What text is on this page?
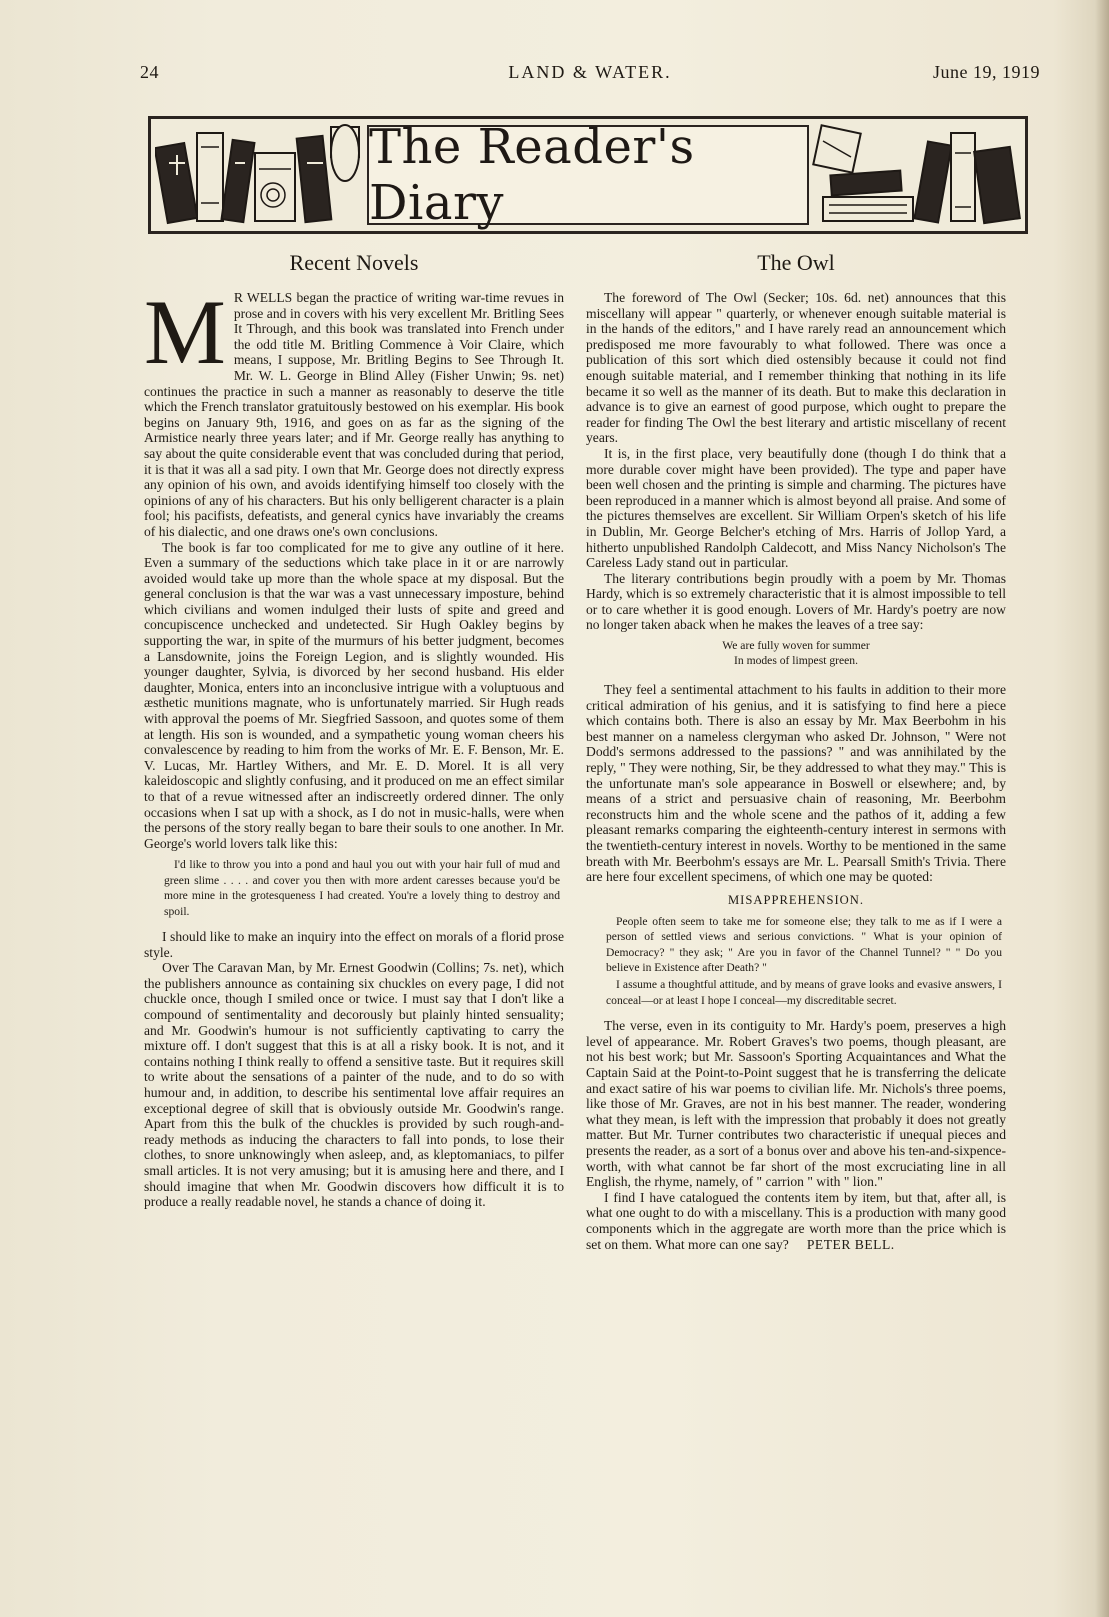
24	LAND & WATER.	June 19, 1919
The Reader's Diary
Recent Novels

M R WELLS began the practice of writing war-time revues in prose and in covers with his very excellent Mr. Britling Sees It Through, and this book was translated into French under the odd title M. Britling Commence à Voir Claire, which means, I suppose, Mr. Britling Begins to See Through It. Mr. W. L. George in Blind Alley (Fisher Unwin; 9s. net) continues the practice in such a manner as reasonably to deserve the title which the French translator gratuitously bestowed on his exemplar. His book begins on January 9th, 1916, and goes on as far as the signing of the Armistice nearly three years later; and if Mr. George really has anything to say about the quite considerable event that was concluded during that period, it is that it was all a sad pity. I own that Mr. George does not directly express any opinion of his own, and avoids identifying himself too closely with the opinions of any of his characters. But his only belligerent character is a plain fool; his pacifists, defeatists, and general cynics have invariably the creams of his dialectic, and one draws one's own conclusions.

The book is far too complicated for me to give any outline of it here. Even a summary of the seductions which take place in it or are narrowly avoided would take up more than the whole space at my disposal. But the general conclusion is that the war was a vast unnecessary imposture, behind which civilians and women indulged their lusts of spite and greed and concupiscence unchecked and undetected. Sir Hugh Oakley begins by supporting the war, in spite of the murmurs of his better judgment, becomes a Lansdownite, joins the Foreign Legion, and is slightly wounded. His younger daughter, Sylvia, is divorced by her second husband. His elder daughter, Monica, enters into an inconclusive intrigue with a voluptuous and æsthetic munitions magnate, who is unfortunately married. Sir Hugh reads with approval the poems of Mr. Siegfried Sassoon, and quotes some of them at length. His son is wounded, and a sympathetic young woman cheers his convalescence by reading to him from the works of Mr. E. F. Benson, Mr. E. V. Lucas, Mr. Hartley Withers, and Mr. E. D. Morel. It is all very kaleidoscopic and slightly confusing, and it produced on me an effect similar to that of a revue witnessed after an indiscreetly ordered dinner. The only occasions when I sat up with a shock, as I do not in music-halls, were when the persons of the story really began to bare their souls to one another. In Mr. George's world lovers talk like this:

I'd like to throw you into a pond and haul you out with your hair full of mud and green slime . . . . and cover you then with more ardent caresses because you'd be more mine in the grotesqueness I had created. You're a lovely thing to destroy and spoil.

I should like to make an inquiry into the effect on morals of a florid prose style.

Over The Caravan Man, by Mr. Ernest Goodwin (Collins; 7s. net), which the publishers announce as containing six chuckles on every page, I did not chuckle once, though I smiled once or twice. I must say that I don't like a compound of sentimentality and decorously but plainly hinted sensuality; and Mr. Goodwin's humour is not sufficiently captivating to carry the mixture off. I don't suggest that this is at all a risky book. It is not, and it contains nothing I think really to offend a sensitive taste. But it requires skill to write about the sensations of a painter of the nude, and to do so with humour and, in addition, to describe his sentimental love affair requires an exceptional degree of skill that is obviously outside Mr. Goodwin's range. Apart from this the bulk of the chuckles is provided by such rough-and-ready methods as inducing the characters to fall into ponds, to lose their clothes, to snore unknowingly when asleep, and, as kleptomaniacs, to pilfer small articles. It is not very amusing; but it is amusing here and there, and I should imagine that when Mr. Goodwin discovers how difficult it is to produce a really readable novel, he stands a chance of doing it.

The Owl

The foreword of The Owl (Secker; 10s. 6d. net) announces that this miscellany will appear " quarterly, or whenever enough suitable material is in the hands of the editors," and I have rarely read an announcement which predisposed me more favourably to what followed. There was once a publication of this sort which died ostensibly because it could not find enough suitable material, and I remember thinking that nothing in its life became it so well as the manner of its death. But to make this declaration in advance is to give an earnest of good purpose, which ought to prepare the reader for finding The Owl the best literary and artistic miscellany of recent years.

It is, in the first place, very beautifully done (though I do think that a more durable cover might have been provided). The type and paper have been well chosen and the printing is simple and charming. The pictures have been reproduced in a manner which is almost beyond all praise. And some of the pictures themselves are excellent. Sir William Orpen's sketch of his life in Dublin, Mr. George Belcher's etching of Mrs. Harris of Jollop Yard, a hitherto unpublished Randolph Caldecott, and Miss Nancy Nicholson's The Careless Lady stand out in particular.

The literary contributions begin proudly with a poem by Mr. Thomas Hardy, which is so extremely characteristic that it is almost impossible to tell or to care whether it is good enough. Lovers of Mr. Hardy's poetry are now no longer taken aback when he makes the leaves of a tree say:

We are fully woven for summer
In modes of limpest green.

They feel a sentimental attachment to his faults in addition to their more critical admiration of his genius, and it is satisfying to find here a piece which contains both. There is also an essay by Mr. Max Beerbohm in his best manner on a nameless clergyman who asked Dr. Johnson, " Were not Dodd's sermons addressed to the passions? " and was annihilated by the reply, " They were nothing, Sir, be they addressed to what they may." This is the unfortunate man's sole appearance in Boswell or elsewhere; and, by means of a strict and persuasive chain of reasoning, Mr. Beerbohm reconstructs him and the whole scene and the pathos of it, adding a few pleasant remarks comparing the eighteenth-century interest in sermons with the twentieth-century interest in novels. Worthy to be mentioned in the same breath with Mr. Beerbohm's essays are Mr. L. Pearsall Smith's Trivia. There are here four excellent specimens, of which one may be quoted:

MISAPPREHENSION.

People often seem to take me for someone else; they talk to me as if I were a person of settled views and serious convictions. " What is your opinion of Democracy? " they ask; " Are you in favor of the Channel Tunnel? " " Do you believe in Existence after Death? "

I assume a thoughtful attitude, and by means of grave looks and evasive answers, I conceal—or at least I hope I conceal—my discreditable secret.

The verse, even in its contiguity to Mr. Hardy's poem, preserves a high level of appearance. Mr. Robert Graves's two poems, though pleasant, are not his best work; but Mr. Sassoon's Sporting Acquaintances and What the Captain Said at the Point-to-Point suggest that he is transferring the delicate and exact satire of his war poems to civilian life. Mr. Nichols's three poems, like those of Mr. Graves, are not in his best manner. The reader, wondering what they mean, is left with the impression that probably it does not greatly matter. But Mr. Turner contributes two characteristic if unequal pieces and presents the reader, as a sort of a bonus over and above his ten-and-sixpence-worth, with what cannot be far short of the most excruciating line in all English, the rhyme, namely, of " carrion " with " lion."

I find I have catalogued the contents item by item, but that, after all, is what one ought to do with a miscellany. This is a production with many good components which in the aggregate are worth more than the price which is set on them. What more can one say? PETER BELL.
